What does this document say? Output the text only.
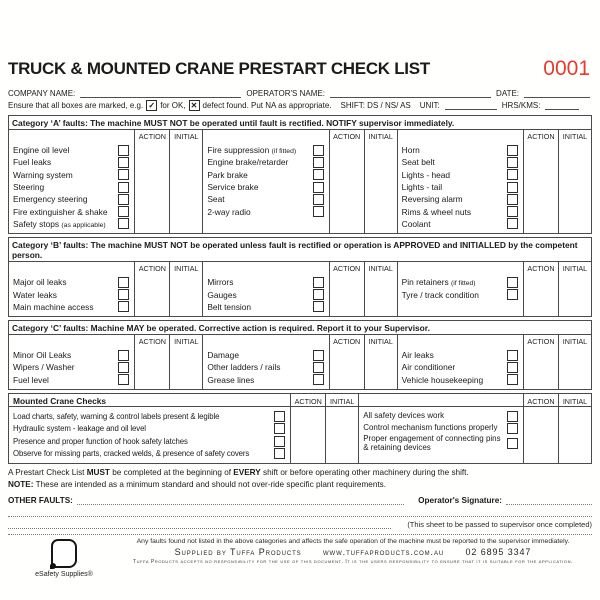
TRUCK & MOUNTED CRANE PRESTART CHECK LIST	0001
COMPANY NAME:	OPERATOR'S NAME:	DATE:
Ensure that all boxes are marked, e.g. ✓ for OK, ✕ defect found. Put NA as appropriate. SHIFT: DS / NS/ AS UNIT:	HRS/KMS:
Category ‘A’ faults: The machine MUST NOT be operated until fault is rectified. NOTIFY supervisor immediately.
ACTION	INITIAL
Engine oil level
Fuel leaks
Warning system
Steering
Emergency steering
Fire extinguisher & shake
Safety stops (as applicable)
ACTION	INITIAL
Fire suppression (if fitted)
Engine brake/retarder
Park brake
Service brake
Seat
2-way radio
ACTION	INITIAL
Horn
Seat belt
Lights - head
Lights - tail
Reversing alarm
Rims & wheel nuts
Coolant
Category ‘B’ faults: The machine MUST NOT be operated unless fault is rectified or operation is APPROVED and INITIALLED by the competent person.
ACTION	INITIAL
Major oil leaks
Water leaks
Main machine access
ACTION	INITIAL
Mirrors
Gauges
Belt tension
ACTION	INITIAL
Pin retainers (if fitted)
Tyre / track condition
Category ‘C’ faults: Machine MAY be operated. Corrective action is required. Report it to your Supervisor.
ACTION	INITIAL
Minor Oil Leaks
Wipers / Washer
Fuel level
ACTION	INITIAL
Damage
Other ladders / rails
Grease lines
ACTION	INITIAL
Air leaks
Air conditioner
Vehicle housekeeping
ACTION	INITIAL
Mounted Crane Checks
Load charts, safety, warning & control labels present & legible
Hydraulic system - leakage and oil level
Presence and proper function of hook safety latches
Observe for missing parts, cracked welds, & presence of safety covers
ACTION	INITIAL
All safety devices work
Control mechanism functions properly
Proper engagement of connecting pins & retaining devices
A Prestart Check List MUST be completed at the beginning of EVERY shift or before operating other machinery during the shift.
NOTE: These are intended as a minimum standard and should not over-ride specific plant requirements.
OTHER FAULTS:	Operator's Signature:
(This sheet to be passed to supervisor once completed)
eSafety Supplies®
Any faults found not listed in the above categories and affects the safe operation of the machine must be reported to the supervisor immediately.
Supplied by Tuffa Products www.tuffaproducts.com.au 02 6895 3347
Tuffa Products accepts no responsibility for the use of this document. It is the users responsibility to ensure that it is suitable for the application.
